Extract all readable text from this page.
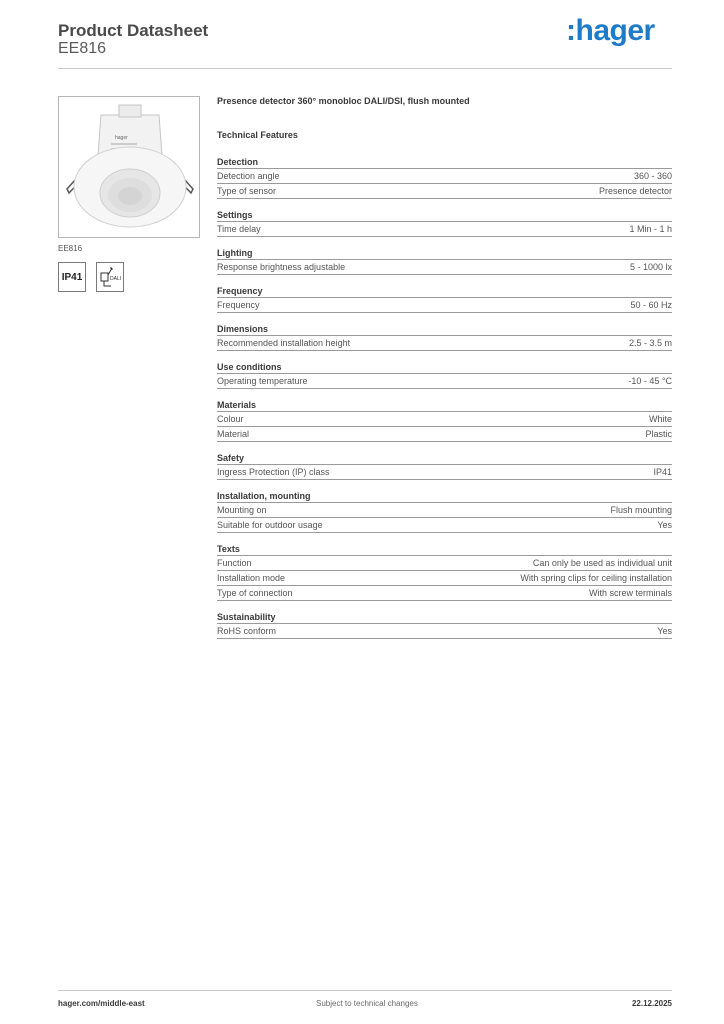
Product Datasheet
EE816
:hager
hager
EE816
IP41	DALI
Presence detector 360° monobloc DALI/DSI, flush mounted
Technical Features
Detection
Detection angle	360 - 360
Type of sensor	Presence detector
Settings
Time delay	1 Min - 1 h
Lighting
Response brightness adjustable	5 - 1000 lx
Frequency
Frequency	50 - 60 Hz
Dimensions
Recommended installation height	2.5 - 3.5 m
Use conditions
Operating temperature	-10 - 45 °C
Materials
Colour	White
Material	Plastic
Safety
Ingress Protection (IP) class	IP41
Installation, mounting
Mounting on	Flush mounting
Suitable for outdoor usage	Yes
Texts
Function	Can only be used as individual unit
Installation mode	With spring clips for ceiling installation
Type of connection	With screw terminals
Sustainability
RoHS conform	Yes
hager.com/middle-east	Subject to technical changes	22.12.2025
